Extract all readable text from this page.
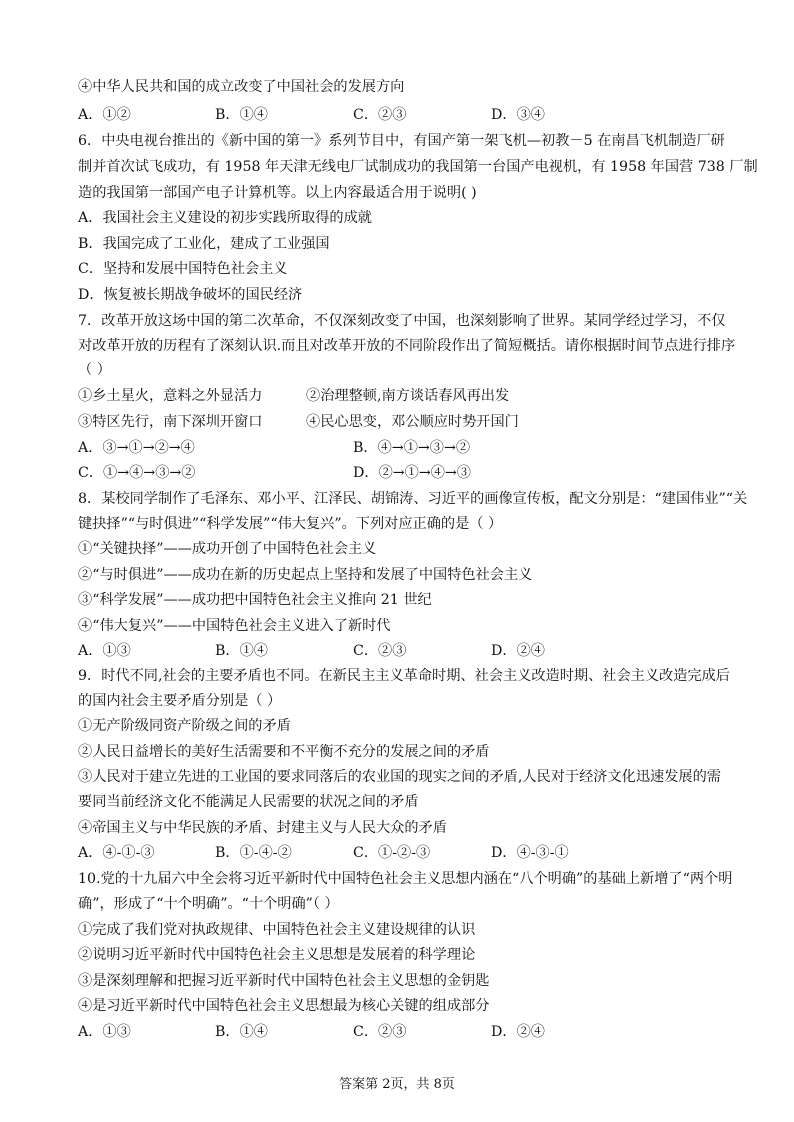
④中华人民共和国的成立改变了中国社会的发展方向
A．①②	B．①④	C．②③	D．③④
6．中央电视台推出的《新中国的第一》系列节目中，有国产第一架飞机—初教－5 在南昌飞机制造厂研
制并首次试飞成功，有 1958 年天津无线电厂试制成功的我国第一台国产电视机，有 1958 年国营 738 厂制
造的我国第一部国产电子计算机等。以上内容最适合用于说明( )
A．我国社会主义建设的初步实践所取得的成就
B．我国完成了工业化，建成了工业强国
C．坚持和发展中国特色社会主义
D．恢复被长期战争破坏的国民经济
7．改革开放这场中国的第二次革命，不仅深刻改变了中国，也深刻影响了世界。某同学经过学习，不仅
对改革开放的历程有了深刻认识.而且对改革开放的不同阶段作出了简短概括。请你根据时间节点进行排序
（ ）
①乡土星火，意料之外显活力	②治理整顿,南方谈话春风再出发
③特区先行，南下深圳开窗口	④民心思变，邓公顺应时势开国门
A．③→①→②→④	B．④→①→③→②
C．①→④→③→②	D．②→①→④→③
8．某校同学制作了毛泽东、邓小平、江泽民、胡锦涛、习近平的画像宣传板，配文分别是：“建国伟业”“关
键抉择”“与时俱进”“科学发展”“伟大复兴”。下列对应正确的是（ ）
①“关键抉择”——成功开创了中国特色社会主义
②“与时俱进”——成功在新的历史起点上坚持和发展了中国特色社会主义
③“科学发展”——成功把中国特色社会主义推向 21 世纪
④“伟大复兴”——中国特色社会主义进入了新时代
A．①③	B．①④	C．②③	D．②④
9．时代不同,社会的主要矛盾也不同。在新民主主义革命时期、社会主义改造时期、社会主义改造完成后
的国内社会主要矛盾分别是（ ）
①无产阶级同资产阶级之间的矛盾
②人民日益增长的美好生活需要和不平衡不充分的发展之间的矛盾
③人民对于建立先进的工业国的要求同落后的农业国的现实之间的矛盾,人民对于经济文化迅速发展的需
要同当前经济文化不能满足人民需要的状况之间的矛盾
④帝国主义与中华民族的矛盾、封建主义与人民大众的矛盾
A．④-①-③	B．①-④-②	C．①-②-③	D．④-③-①
10.党的十九届六中全会将习近平新时代中国特色社会主义思想内涵在“八个明确”的基础上新增了“两个明
确”，形成了“十个明确”。“十个明确”（ ）
①完成了我们党对执政规律、中国特色社会主义建设规律的认识
②说明习近平新时代中国特色社会主义思想是发展着的科学理论
③是深刻理解和把握习近平新时代中国特色社会主义思想的金钥匙
④是习近平新时代中国特色社会主义思想最为核心关键的组成部分
A．①③	B．①④	C．②③	D．②④
答案第 2页，共 8页
